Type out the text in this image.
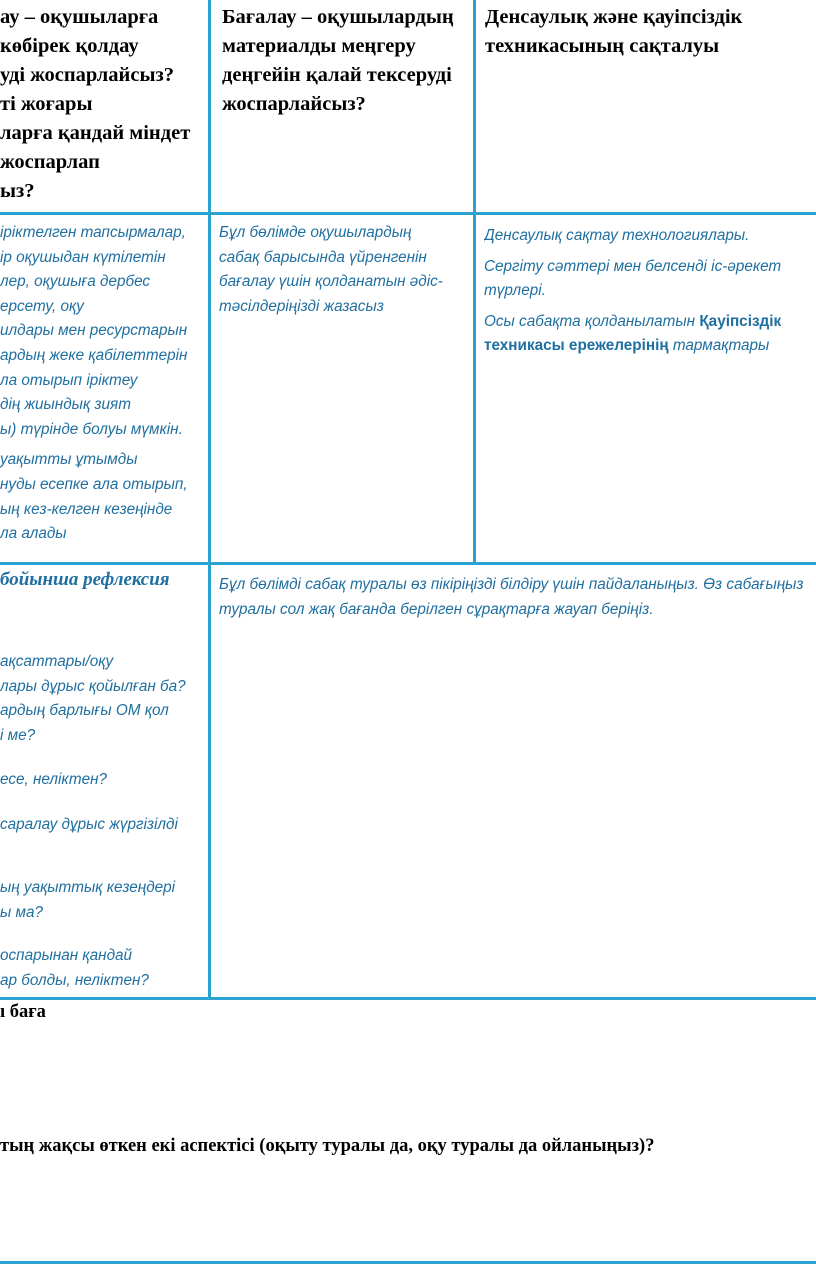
ау – оқушыларға
көбірек қолдау
уді жоспарлайсыз?
ті жоғары
ларға қандай міндет
жоспарлап
ыз?
Бағалау – оқушылардың
материалды меңгеру
деңгейін қалай тексеруді
жоспарлайсыз?
Денсаулық және қауіпсіздік
техникасының сақталуы
іріктелген тапсырмалар,
ір оқушыдан күтілетін
лер, оқушыға дербес
ерсету, оқу
илдары мен ресурстарын
ардың жеке қабілеттерін
ла отырып іріктеу
дің жиындық зият
ы) түрінде болуы мүмкін.
уақытты ұтымды
нуды есепке ала отырып,
ың кез-келген кезеңінде
ла алады
Бұл бөлімде оқушылардың
сабақ барысында үйренгенін
бағалау үшін қолданатын әдіс-
тәсілдеріңізді жазасыз
Денсаулық сақтау технологиялары.
Сергіту сәттері мен белсенді іс-әрекет
түрлері.
Осы сабақта қолданылатын Қауіпсіздік
техникасы ережелерінің тармақтары
бойынша рефлексия
ақсаттары/оқу
лары дұрыс қойылған ба?
ардың барлығы ОМ қол
і ме?
есе, неліктен?
саралау дұрыс жүргізілді
ың уақыттық кезеңдері
ы ма?
оспарынан қандай
ар болды, неліктен?
Бұл бөлімді сабақ туралы өз пікіріңізді білдіру үшін пайдаланыңыз. Өз сабағыңыз
туралы сол жақ бағанда берілген сұрақтарға жауап беріңіз.
ı баға
тың жақсы өткен екі аспектісі (оқыту туралы да, оқу туралы да ойланыңыз)?
